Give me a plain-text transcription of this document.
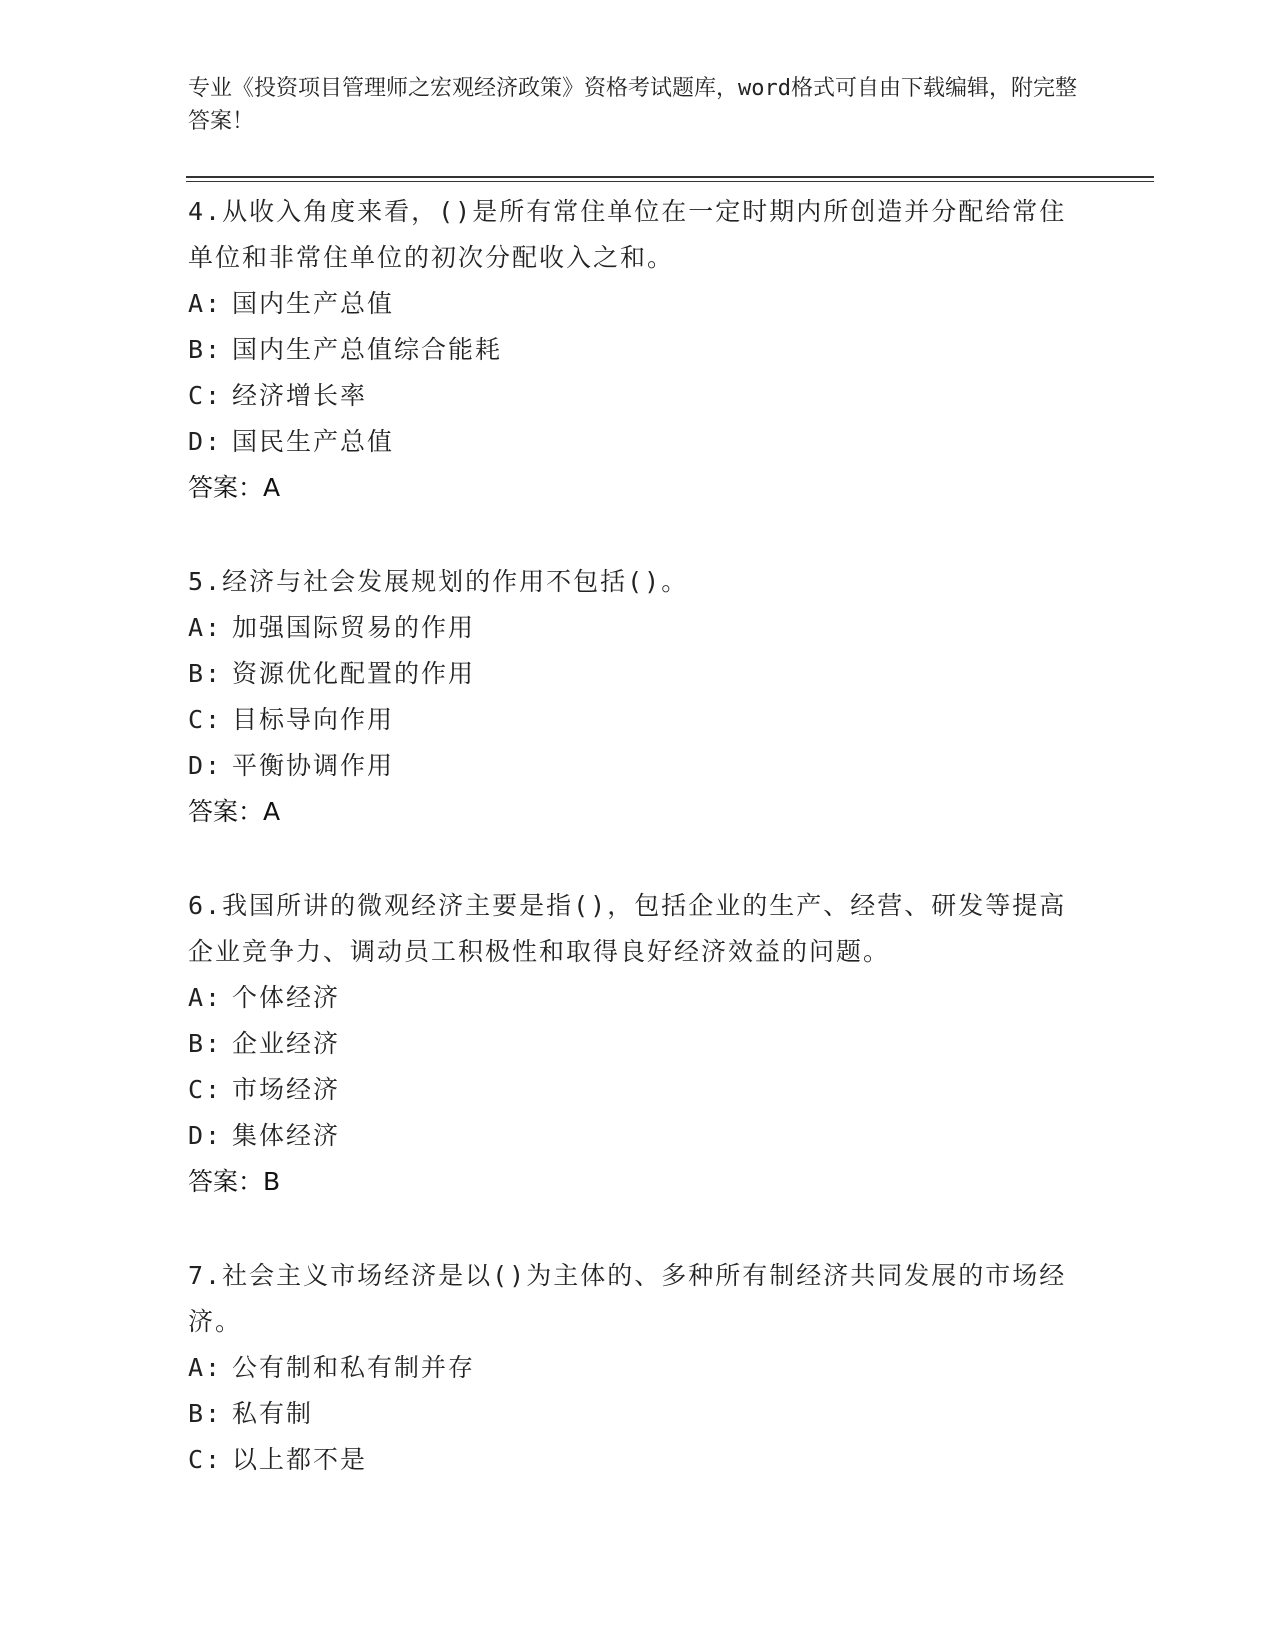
专业《投资项目管理师之宏观经济政策》资格考试题库，word格式可自由下载编辑，附完整答案！
4.从收入角度来看，()是所有常住单位在一定时期内所创造并分配给常住单位和非常住单位的初次分配收入之和。
A: 国内生产总值
B: 国内生产总值综合能耗
C: 经济增长率
D: 国民生产总值
答案：A
5.经济与社会发展规划的作用不包括()。
A: 加强国际贸易的作用
B: 资源优化配置的作用
C: 目标导向作用
D: 平衡协调作用
答案：A
6.我国所讲的微观经济主要是指()，包括企业的生产、经营、研发等提高企业竞争力、调动员工积极性和取得良好经济效益的问题。
A: 个体经济
B: 企业经济
C: 市场经济
D: 集体经济
答案：B
7.社会主义市场经济是以()为主体的、多种所有制经济共同发展的市场经济。
A: 公有制和私有制并存
B: 私有制
C: 以上都不是
